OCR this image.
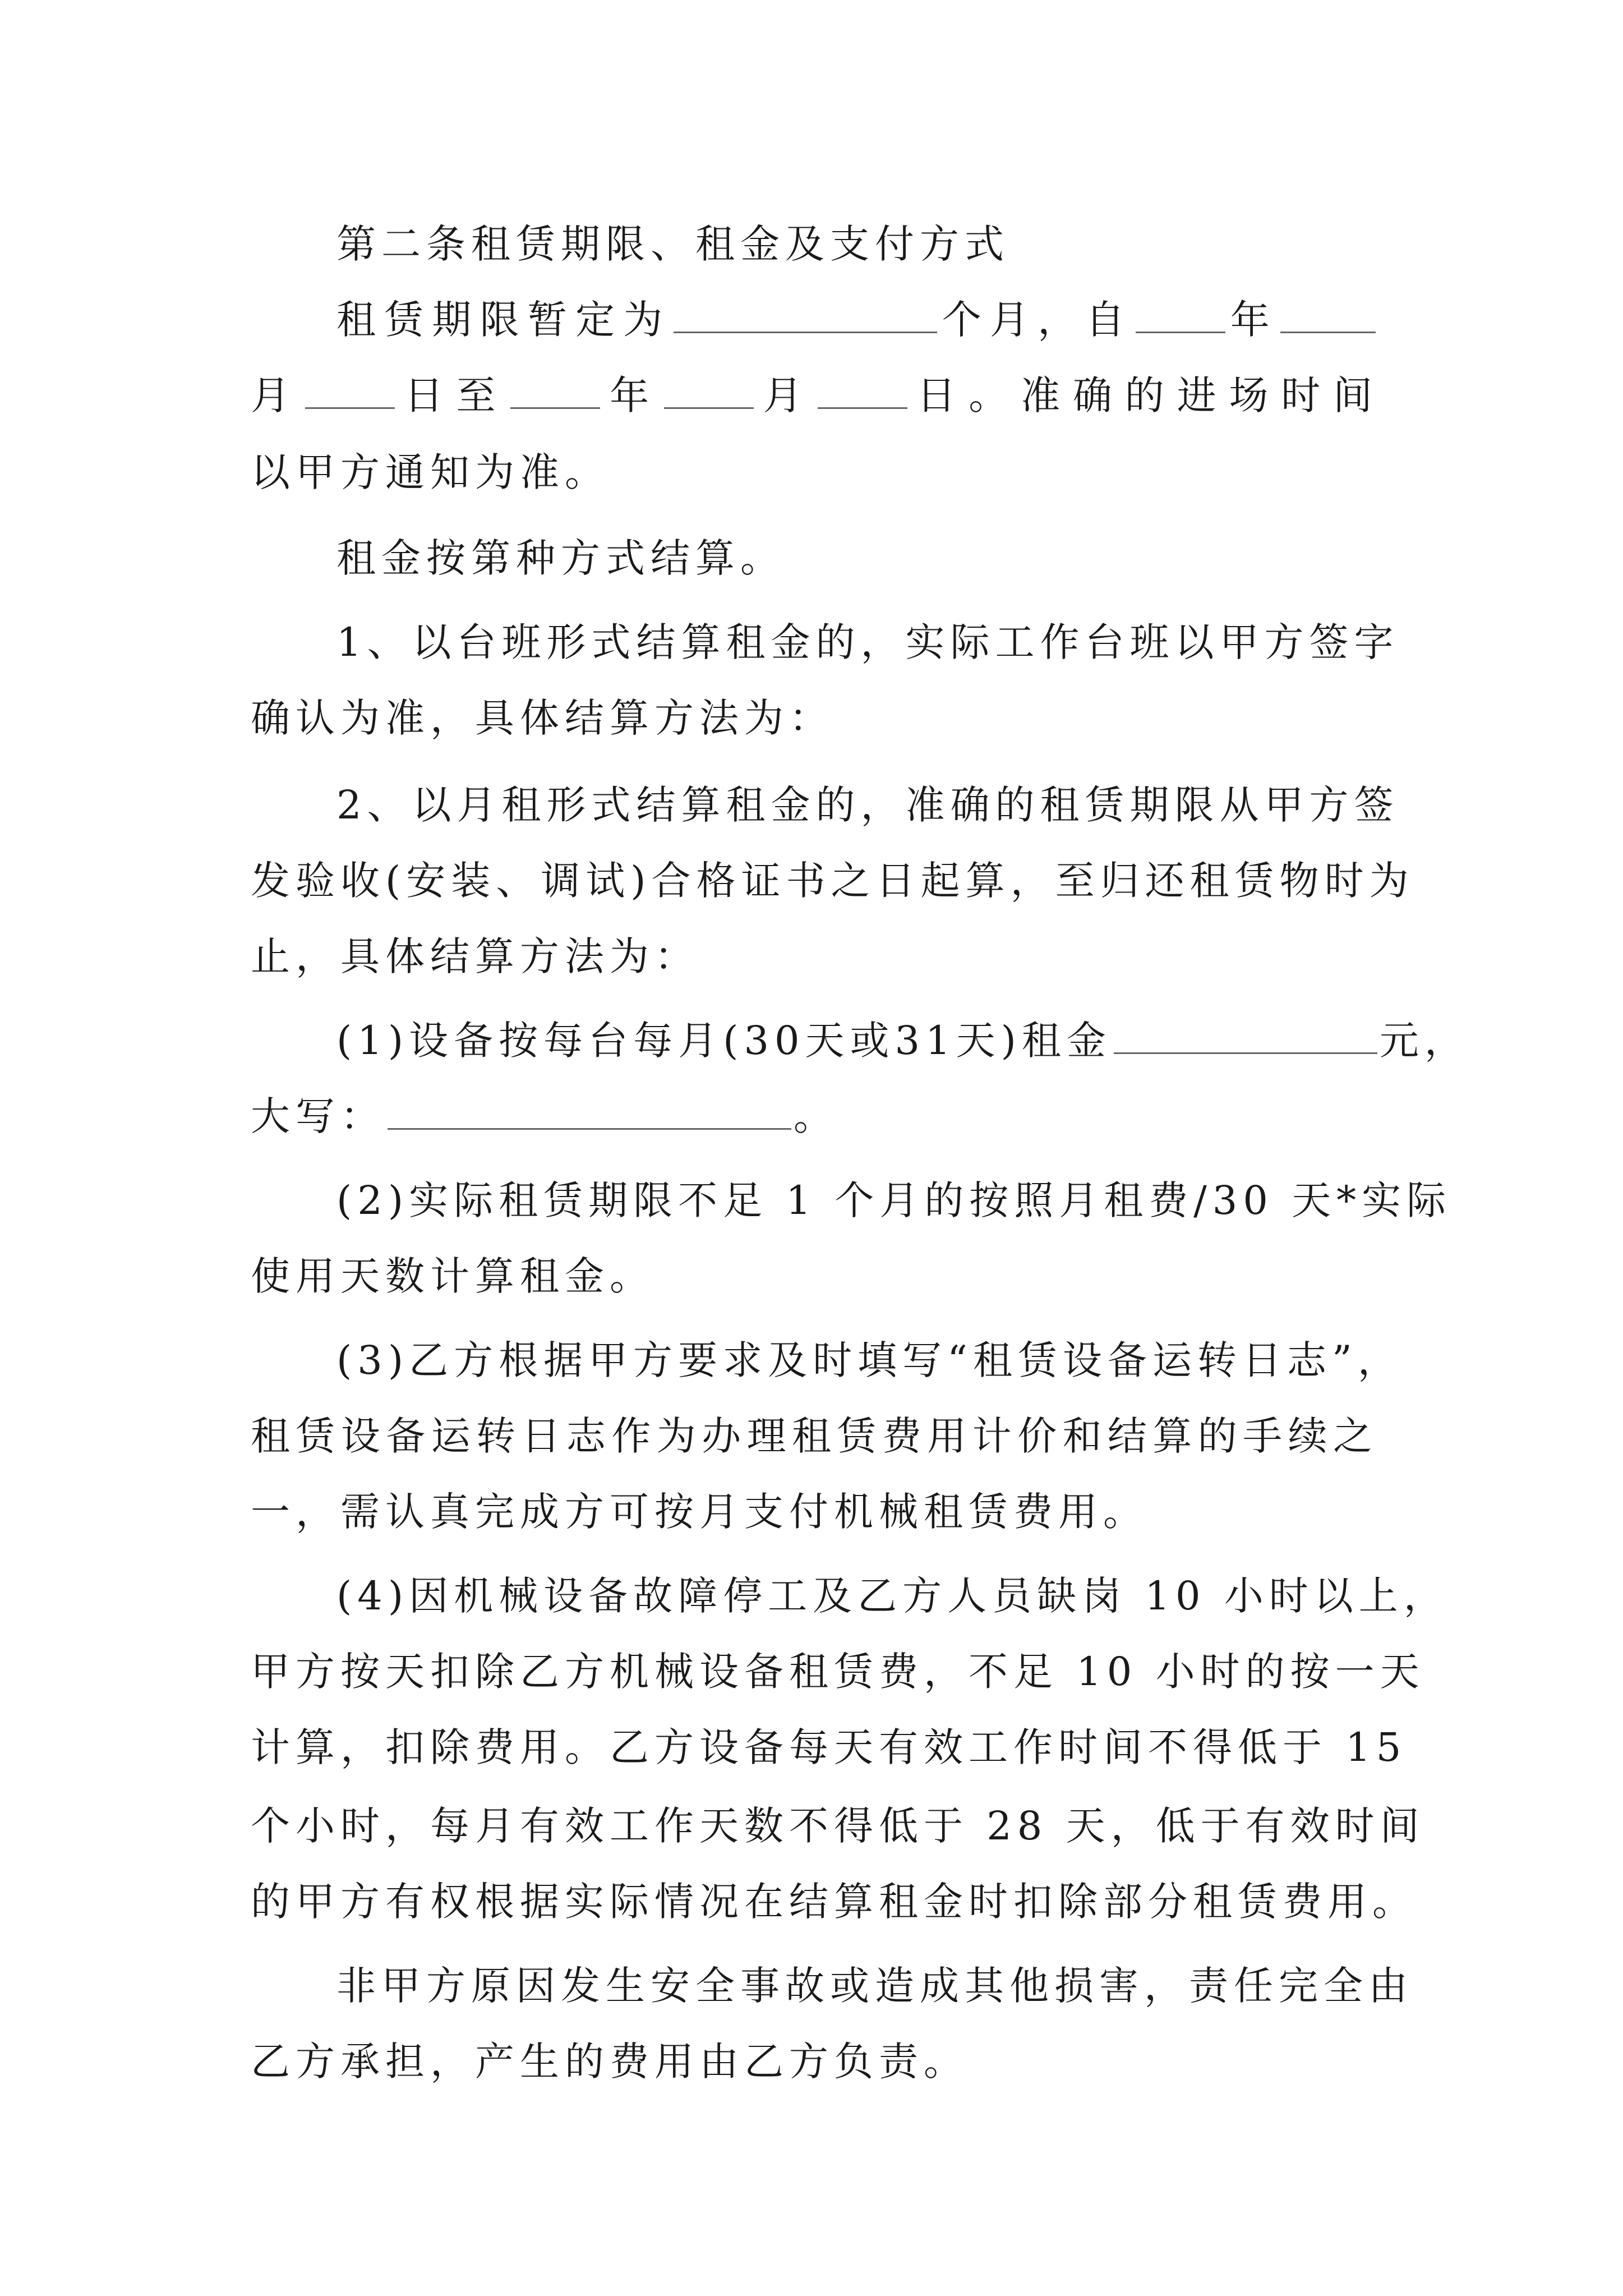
第二条租赁期限、租金及支付方式
租赁期限暂定为	个月，自 年
月 日至 年 月 日。准确的进场时间
以甲方通知为准。
租金按第种方式结算。
1、以台班形式结算租金的，实际工作台班以甲方签字
确认为准，具体结算方法为：
2、以月租形式结算租金的，准确的租赁期限从甲方签
发验收(安装、调试)合格证书之日起算，至归还租赁物时为
止，具体结算方法为：
(1)设备按每台每月(30天或31天)租金	元，
大写：	。
(2)实际租赁期限不足 1 个月的按照月租费/30 天*实际
使用天数计算租金。
(3)乙方根据甲方要求及时填写“租赁设备运转日志”，
租赁设备运转日志作为办理租赁费用计价和结算的手续之
一，需认真完成方可按月支付机械租赁费用。
(4)因机械设备故障停工及乙方人员缺岗 10 小时以上，
甲方按天扣除乙方机械设备租赁费，不足 10 小时的按一天
计算，扣除费用。乙方设备每天有效工作时间不得低于 15
个小时，每月有效工作天数不得低于 28 天，低于有效时间
的甲方有权根据实际情况在结算租金时扣除部分租赁费用。
非甲方原因发生安全事故或造成其他损害，责任完全由
乙方承担，产生的费用由乙方负责。
